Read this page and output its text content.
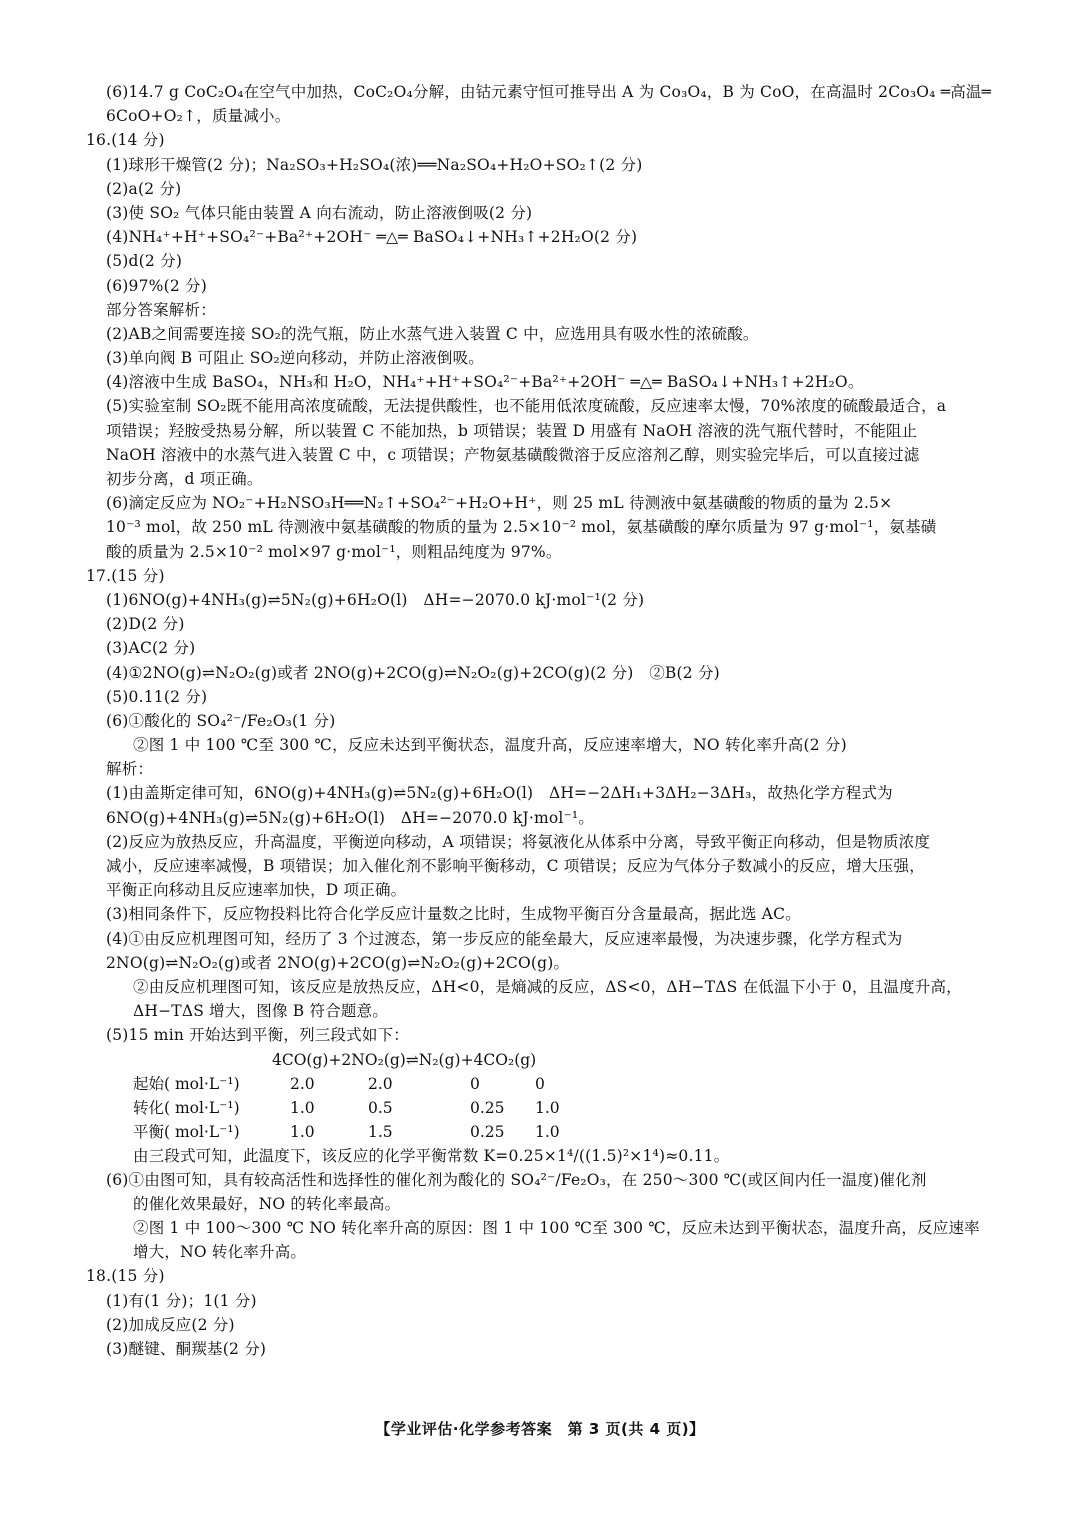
(6)14.7 g CoC₂O₄在空气中加热，CoC₂O₄分解，由钴元素守恒可推导出 A 为 Co₃O₄，B 为 CoO，在高温时 2Co₃O₄ ═高温═
6CoO+O₂↑，质量减小。
16.(14 分)
(1)球形干燥管(2 分)；Na₂SO₃+H₂SO₄(浓)══Na₂SO₄+H₂O+SO₂↑(2 分)
(2)a(2 分)
(3)使 SO₂ 气体只能由装置 A 向右流动，防止溶液倒吸(2 分)
(4)NH₄⁺+H⁺+SO₄²⁻+Ba²⁺+2OH⁻ ═△═ BaSO₄↓+NH₃↑+2H₂O(2 分)
(5)d(2 分)
(6)97%(2 分)
部分答案解析：
(2)AB之间需要连接 SO₂的洗气瓶，防止水蒸气进入装置 C 中，应选用具有吸水性的浓硫酸。
(3)单向阀 B 可阻止 SO₂逆向移动，并防止溶液倒吸。
(4)溶液中生成 BaSO₄，NH₃和 H₂O，NH₄⁺+H⁺+SO₄²⁻+Ba²⁺+2OH⁻ ═△═ BaSO₄↓+NH₃↑+2H₂O。
(5)实验室制 SO₂既不能用高浓度硫酸，无法提供酸性，也不能用低浓度硫酸，反应速率太慢，70%浓度的硫酸最适合，a
项错误；羟胺受热易分解，所以装置 C 不能加热，b 项错误；装置 D 用盛有 NaOH 溶液的洗气瓶代替时，不能阻止
NaOH 溶液中的水蒸气进入装置 C 中，c 项错误；产物氨基磺酸微溶于反应溶剂乙醇，则实验完毕后，可以直接过滤
初步分离，d 项正确。
(6)滴定反应为 NO₂⁻+H₂NSO₃H══N₂↑+SO₄²⁻+H₂O+H⁺，则 25 mL 待测液中氨基磺酸的物质的量为 2.5×
10⁻³ mol，故 250 mL 待测液中氨基磺酸的物质的量为 2.5×10⁻² mol，氨基磺酸的摩尔质量为 97 g·mol⁻¹，氨基磺
酸的质量为 2.5×10⁻² mol×97 g·mol⁻¹，则粗品纯度为 97%。
17.(15 分)
(1)6NO(g)+4NH₃(g)⇌5N₂(g)+6H₂O(l)　ΔH=−2070.0 kJ·mol⁻¹(2 分)
(2)D(2 分)
(3)AC(2 分)
(4)①2NO(g)⇌N₂O₂(g)或者 2NO(g)+2CO(g)⇌N₂O₂(g)+2CO(g)(2 分)　②B(2 分)
(5)0.11(2 分)
(6)①酸化的 SO₄²⁻/Fe₂O₃(1 分)
②图 1 中 100 ℃至 300 ℃，反应未达到平衡状态，温度升高，反应速率增大，NO 转化率升高(2 分)
解析：
(1)由盖斯定律可知，6NO(g)+4NH₃(g)⇌5N₂(g)+6H₂O(l)　ΔH=−2ΔH₁+3ΔH₂−3ΔH₃，故热化学方程式为
6NO(g)+4NH₃(g)⇌5N₂(g)+6H₂O(l)　ΔH=−2070.0 kJ·mol⁻¹。
(2)反应为放热反应，升高温度，平衡逆向移动，A 项错误；将氨液化从体系中分离，导致平衡正向移动，但是物质浓度
减小，反应速率减慢，B 项错误；加入催化剂不影响平衡移动，C 项错误；反应为气体分子数减小的反应，增大压强，
平衡正向移动且反应速率加快，D 项正确。
(3)相同条件下，反应物投料比符合化学反应计量数之比时，生成物平衡百分含量最高，据此选 AC。
(4)①由反应机理图可知，经历了 3 个过渡态，第一步反应的能垒最大，反应速率最慢，为决速步骤，化学方程式为
2NO(g)⇌N₂O₂(g)或者 2NO(g)+2CO(g)⇌N₂O₂(g)+2CO(g)。
②由反应机理图可知，该反应是放热反应，ΔH<0，是熵减的反应，ΔS<0，ΔH−TΔS 在低温下小于 0，且温度升高，
ΔH−TΔS 增大，图像 B 符合题意。
(5)15 min 开始达到平衡，列三段式如下：
4CO(g)+2NO₂(g)⇌N₂(g)+4CO₂(g)
起始( mol·L⁻¹)	2.0	2.0	0	0
转化( mol·L⁻¹)	1.0	0.5	0.25 1.0
平衡( mol·L⁻¹)	1.0	1.5	0.25 1.0
由三段式可知，此温度下，该反应的化学平衡常数 K=0.25×1⁴/((1.5)²×1⁴)≈0.11。
(6)①由图可知，具有较高活性和选择性的催化剂为酸化的 SO₄²⁻/Fe₂O₃，在 250～300 ℃(或区间内任一温度)催化剂
的催化效果最好，NO 的转化率最高。
②图 1 中 100～300 ℃ NO 转化率升高的原因：图 1 中 100 ℃至 300 ℃，反应未达到平衡状态，温度升高，反应速率
增大，NO 转化率升高。
18.(15 分)
(1)有(1 分)；1(1 分)
(2)加成反应(2 分)
(3)醚键、酮羰基(2 分)
【学业评估·化学参考答案　第 3 页(共 4 页)】
